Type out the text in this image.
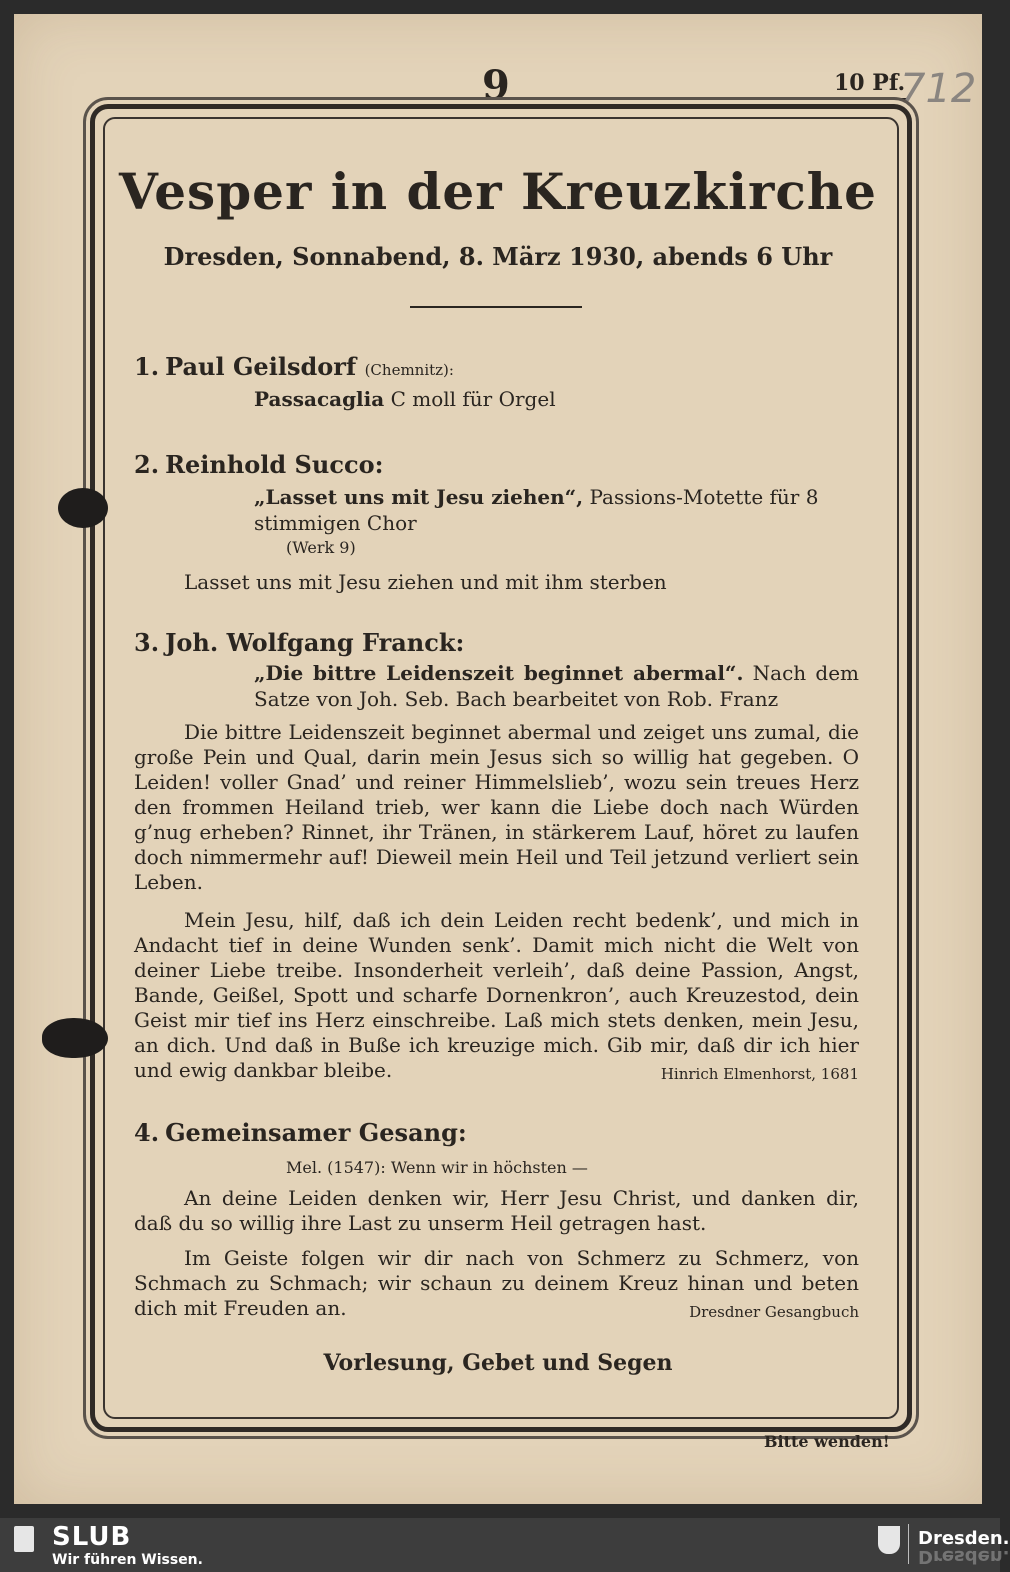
9	10 Pf.
712
Vesper in der Kreuzkirche
Dresden, Sonnabend, 8. März 1930, abends 6 Uhr
1. Paul Geilsdorf (Chemnitz):
Passacaglia C moll für Orgel
2. Reinhold Succo:
„Lasset uns mit Jesu ziehen“, Passions-Motette für 8 stimmigen Chor
(Werk 9)
Lasset uns mit Jesu ziehen und mit ihm sterben
3. Joh. Wolfgang Franck:
„Die bittre Leidenszeit beginnet abermal“. Nach dem Satze von Joh. Seb. Bach bearbeitet von Rob. Franz
Die bittre Leidenszeit beginnet abermal und zeiget uns zumal, die große Pein und Qual, darin mein Jesus sich so willig hat gegeben. O Leiden! voller Gnad’ und reiner Himmelslieb’, wozu sein treues Herz den frommen Heiland trieb, wer kann die Liebe doch nach Würden g’nug erheben? Rinnet, ihr Tränen, in stärkerem Lauf, höret zu laufen doch nimmermehr auf! Dieweil mein Heil und Teil jetzund verliert sein Leben.
Mein Jesu, hilf, daß ich dein Leiden recht bedenk’, und mich in Andacht tief in deine Wunden senk’. Damit mich nicht die Welt von deiner Liebe treibe. Insonderheit verleih’, daß deine Passion, Angst, Bande, Geißel, Spott und scharfe Dornenkron’, auch Kreuzestod, dein Geist mir tief ins Herz einschreibe. Laß mich stets denken, mein Jesu, an dich. Und daß in Buße ich kreuzige mich. Gib mir, daß dir ich hier und ewig dankbar bleibe.	Hinrich Elmenhorst, 1681
4. Gemeinsamer Gesang:
Mel. (1547): Wenn wir in höchsten —
An deine Leiden denken wir, Herr Jesu Christ, und danken dir, daß du so willig ihre Last zu unserm Heil getragen hast.
Im Geiste folgen wir dir nach von Schmerz zu Schmerz, von Schmach zu Schmach; wir schaun zu deinem Kreuz hinan und beten dich mit Freuden an.	Dresdner Gesangbuch
Vorlesung, Gebet und Segen
Bitte wenden!
SLUB
Wir führen Wissen.
Dresden.
Dresden.
